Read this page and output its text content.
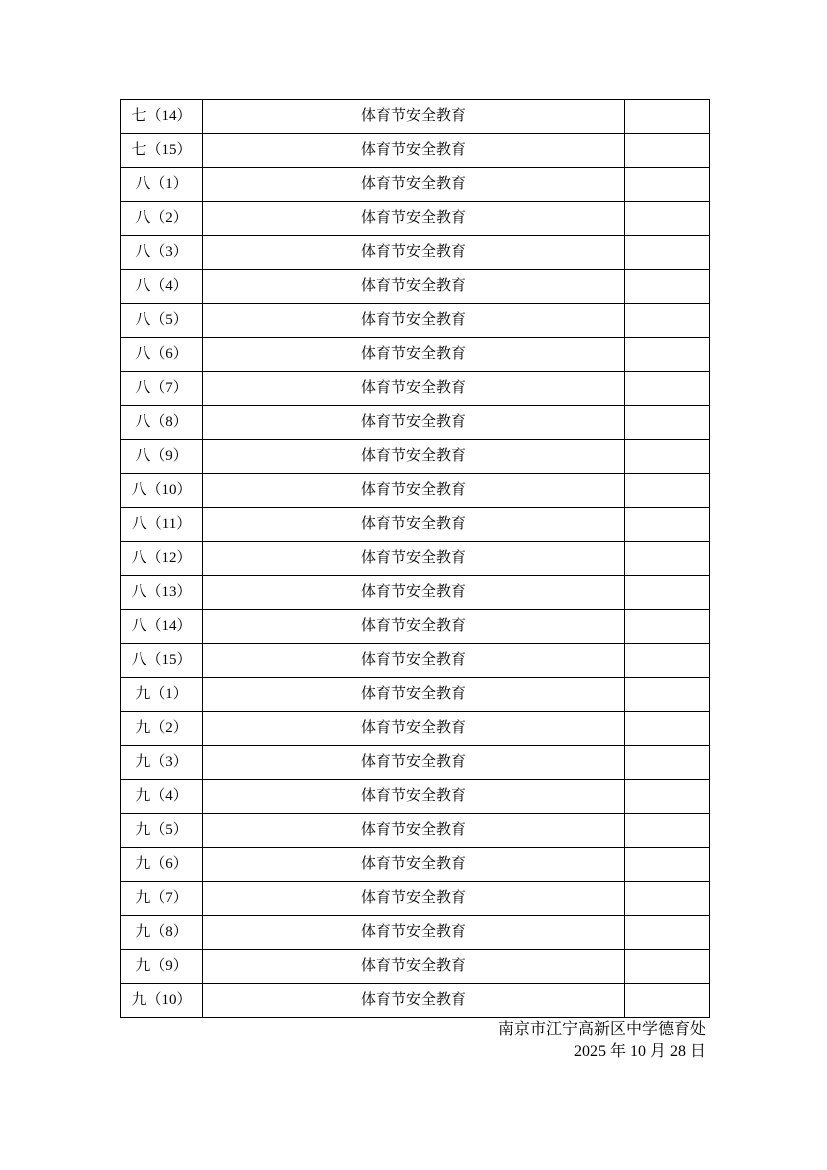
七（14）	体育节安全教育	
七（15）	体育节安全教育	
八（1）	体育节安全教育	
八（2）	体育节安全教育	
八（3）	体育节安全教育	
八（4）	体育节安全教育	
八（5）	体育节安全教育	
八（6）	体育节安全教育	
八（7）	体育节安全教育	
八（8）	体育节安全教育	
八（9）	体育节安全教育	
八（10）	体育节安全教育	
八（11）	体育节安全教育	
八（12）	体育节安全教育	
八（13）	体育节安全教育	
八（14）	体育节安全教育	
八（15）	体育节安全教育	
九（1）	体育节安全教育	
九（2）	体育节安全教育	
九（3）	体育节安全教育	
九（4）	体育节安全教育	
九（5）	体育节安全教育	
九（6）	体育节安全教育	
九（7）	体育节安全教育	
九（8）	体育节安全教育	
九（9）	体育节安全教育	
九（10）	体育节安全教育	
南京市江宁高新区中学德育处
2025 年 10 月 28 日
